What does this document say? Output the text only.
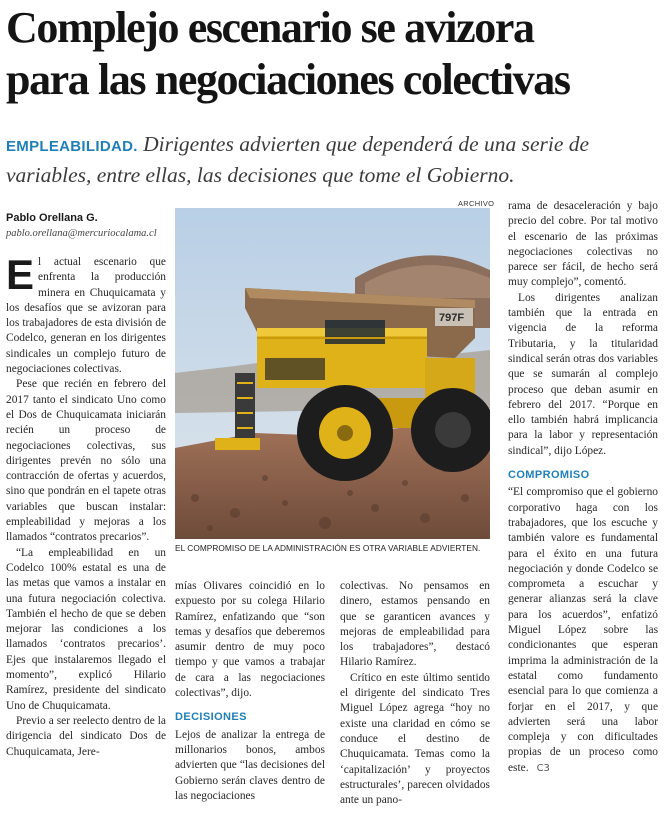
Complejo escenario se avizora
para las negociaciones colectivas

EMPLEABILIDAD. Dirigentes advierten que dependerá de una serie de variables, entre ellas, las decisiones que tome el Gobierno.

Pablo Orellana G.
pablo.orellana@mercuriocalama.cl
ARCHIVO
797F
EL COMPROMISO DE LA ADMINISTRACIÓN ES OTRA VARIABLE ADVIERTEN.

El actual escenario que enfrenta la producción minera en Chuquicamata y los desafíos que se avizoran para los trabajadores de esta división de Codelco, generan en los dirigentes sindicales un complejo futuro de negociaciones colectivas.

Pese que recién en febrero del 2017 tanto el sindicato Uno como el Dos de Chuquicamata iniciarán recién un proceso de negociaciones colectivas, sus dirigentes prevén no sólo una contracción de ofertas y acuerdos, sino que pondrán en el tapete otras variables que buscan instalar: empleabilidad y mejoras a los llamados “contratos precarios”.

“La empleabilidad en un Codelco 100% estatal es una de las metas que vamos a instalar en una futura negociación colectiva. También el hecho de que se deben mejorar las condiciones a los llamados ‘contratos precarios’. Ejes que instalaremos llegado el momento”, explicó Hilario Ramírez, presidente del sindicato Uno de Chuquicamata.

Previo a ser reelecto dentro de la dirigencia del sindicato Dos de Chuquicamata, Jere-

mías Olivares coincidió en lo expuesto por su colega Hilario Ramírez, enfatizando que “son temas y desafíos que deberemos asumir dentro de muy poco tiempo y que vamos a trabajar de cara a las negociaciones colectivas”, dijo.

DECISIONES

Lejos de analizar la entrega de millonarios bonos, ambos advierten que “las decisiones del Gobierno serán claves dentro de las negociaciones

colectivas. No pensamos en dinero, estamos pensando en que se garanticen avances y mejoras de empleabilidad para los trabajadores”, destacó Hilario Ramírez.

Crítico en este último sentido el dirigente del sindicato Tres Miguel López agrega “hoy no existe una claridad en cómo se conduce el destino de Chuquicamata. Temas como la ‘capitalización’ y proyectos estructurales’, parecen olvidados ante un pano-

rama de desaceleración y bajo precio del cobre. Por tal motivo el escenario de las próximas negociaciones colectivas no parece ser fácil, de hecho será muy complejo”, comentó.

Los dirigentes analizan también que la entrada en vigencia de la reforma Tributaria, y la titularidad sindical serán otras dos variables que se sumarán al complejo proceso que deban asumir en febrero del 2017. “Porque en ello también habrá implicancia para la labor y representación sindical”, dijo López.

COMPROMISO

“El compromiso que el gobierno corporativo haga con los trabajadores, que los escuche y también valore es fundamental para el éxito en una futura negociación y donde Codelco se comprometa a escuchar y generar alianzas será la clave para los acuerdos”, enfatizó Miguel López sobre las condicionantes que esperan imprima la administración de la estatal como fundamento esencial para lo que comienza a forjar en el 2017, y que advierten será una labor compleja y con dificultades propias de un proceso como este. C3
